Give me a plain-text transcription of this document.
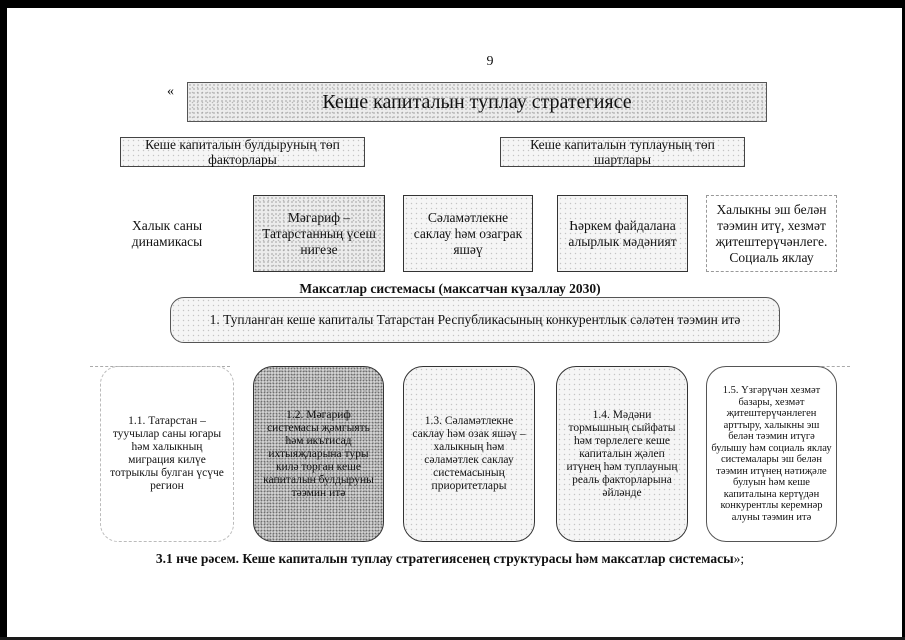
9
«	Кеше капиталын туплау стратегиясе
Кеше капиталын булдыруның төп факторлары
Кеше капиталын туплауның төп шартлары
Халык саны динамикасы
Мәгариф – Татарстанның үсеш нигезе
Сәламәтлекне саклау һәм озаграк яшәү
Һәркем файдалана алырлык мәдәният
Халыкны эш белән тәэмин итү, хезмәт җитештерүчәнлеге. Социаль яклау
Максатлар системасы (максатчан күзаллау 2030)
1. Тупланган кеше капиталы Татарстан Республикасының конкурентлык сәләтен тәэмин итә
1.1. Татарстан – туучылар саны югары һәм халыкның миграция килүе тотрыклы булган үсүче регион
1.2. Мәгариф системасы җәмгыять һәм икътисад ихтыяҗларына туры килә торган кеше капиталын булдыруны тәэмин итә
1.3. Сәламәтлекне саклау һәм озак яшәү – халыкның һәм сәламәтлек саклау системасының приоритетлары
1.4. Мәдәни тормышның сыйфаты һәм төрлелеге кеше капиталын җәлеп итүнең һәм туплауның реаль факторларына әйләнде
1.5. Үзгәрүчән хезмәт базары, хезмәт җитештерүчәнлеген арттыру, халыкны эш белән тәэмин итүгә булышу һәм социаль яклау системалары эш белән тәэмин итүнең нәтиҗәле булуын һәм кеше капиталына кертүдән конкурентлы керемнәр алуны тәэмин итә
3.1 нче рәсем. Кеше капиталын туплау стратегиясенең структурасы һәм максатлар системасы»;
